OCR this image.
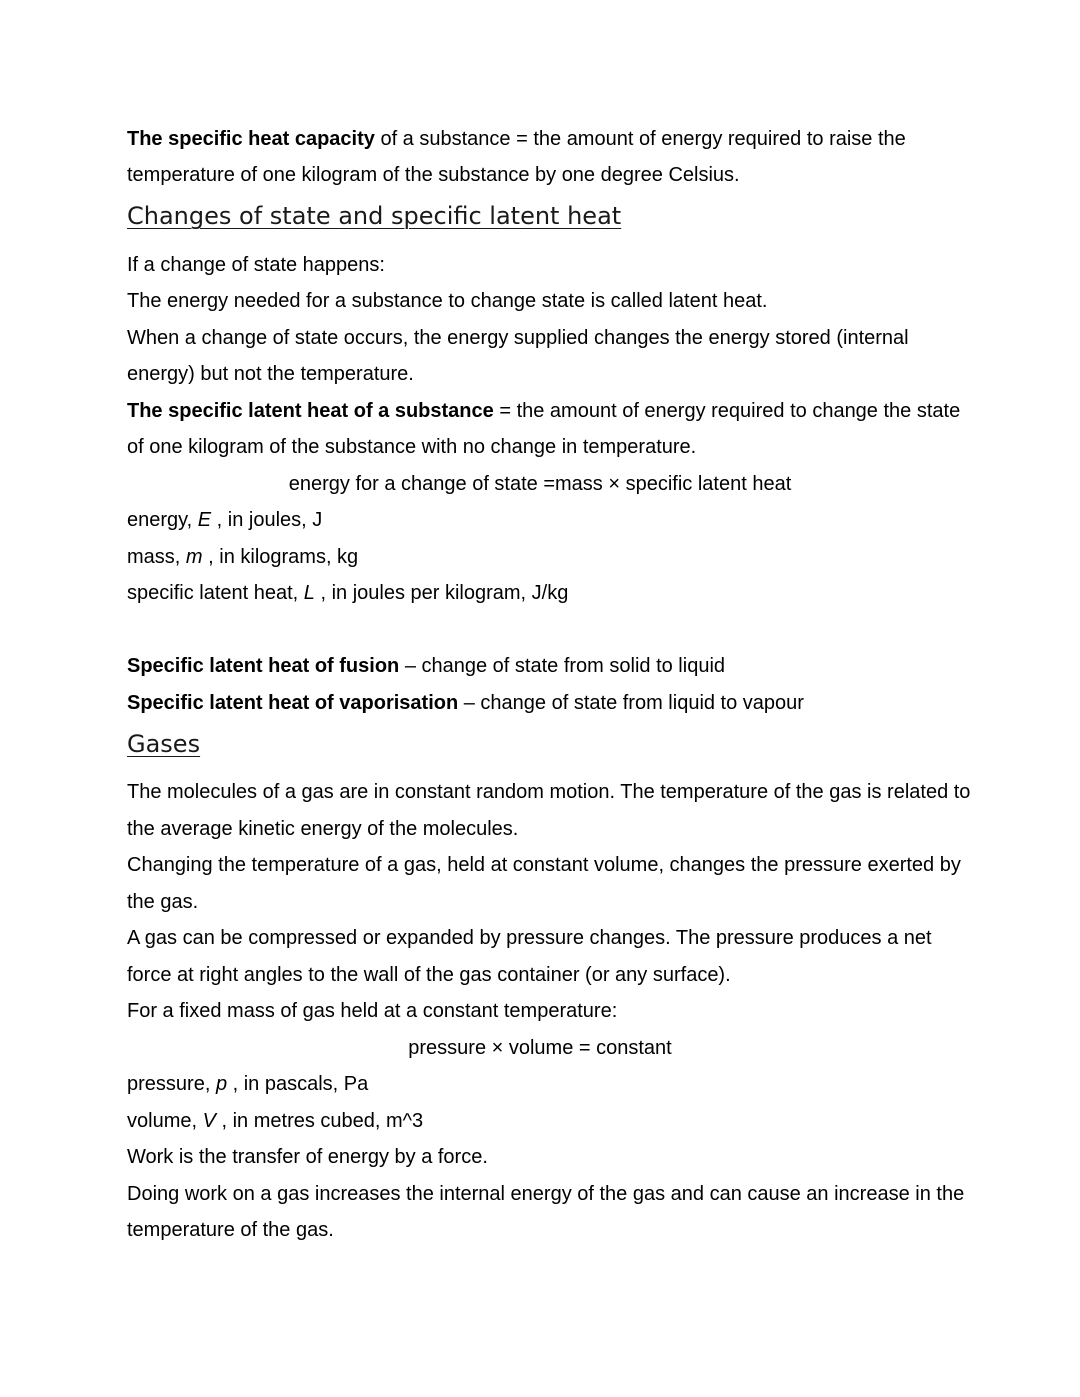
The specific heat capacity of a substance = the amount of energy required to raise the
temperature of one kilogram of the substance by one degree Celsius.
Changes of state and specific latent heat
If a change of state happens:
The energy needed for a substance to change state is called latent heat.
When a change of state occurs, the energy supplied changes the energy stored (internal
energy) but not the temperature.
The specific latent heat of a substance = the amount of energy required to change the state
of one kilogram of the substance with no change in temperature.
energy for a change of state =mass × specific latent heat
energy, E , in joules, J
mass, m , in kilograms, kg
specific latent heat, L , in joules per kilogram, J/kg
Specific latent heat of fusion – change of state from solid to liquid
Specific latent heat of vaporisation – change of state from liquid to vapour
Gases
The molecules of a gas are in constant random motion. The temperature of the gas is related to
the average kinetic energy of the molecules.
Changing the temperature of a gas, held at constant volume, changes the pressure exerted by
the gas.
A gas can be compressed or expanded by pressure changes. The pressure produces a net
force at right angles to the wall of the gas container (or any surface).
For a fixed mass of gas held at a constant temperature:
pressure × volume = constant
pressure, p , in pascals, Pa
volume, V , in metres cubed, m^3
Work is the transfer of energy by a force.
Doing work on a gas increases the internal energy of the gas and can cause an increase in the
temperature of the gas.
